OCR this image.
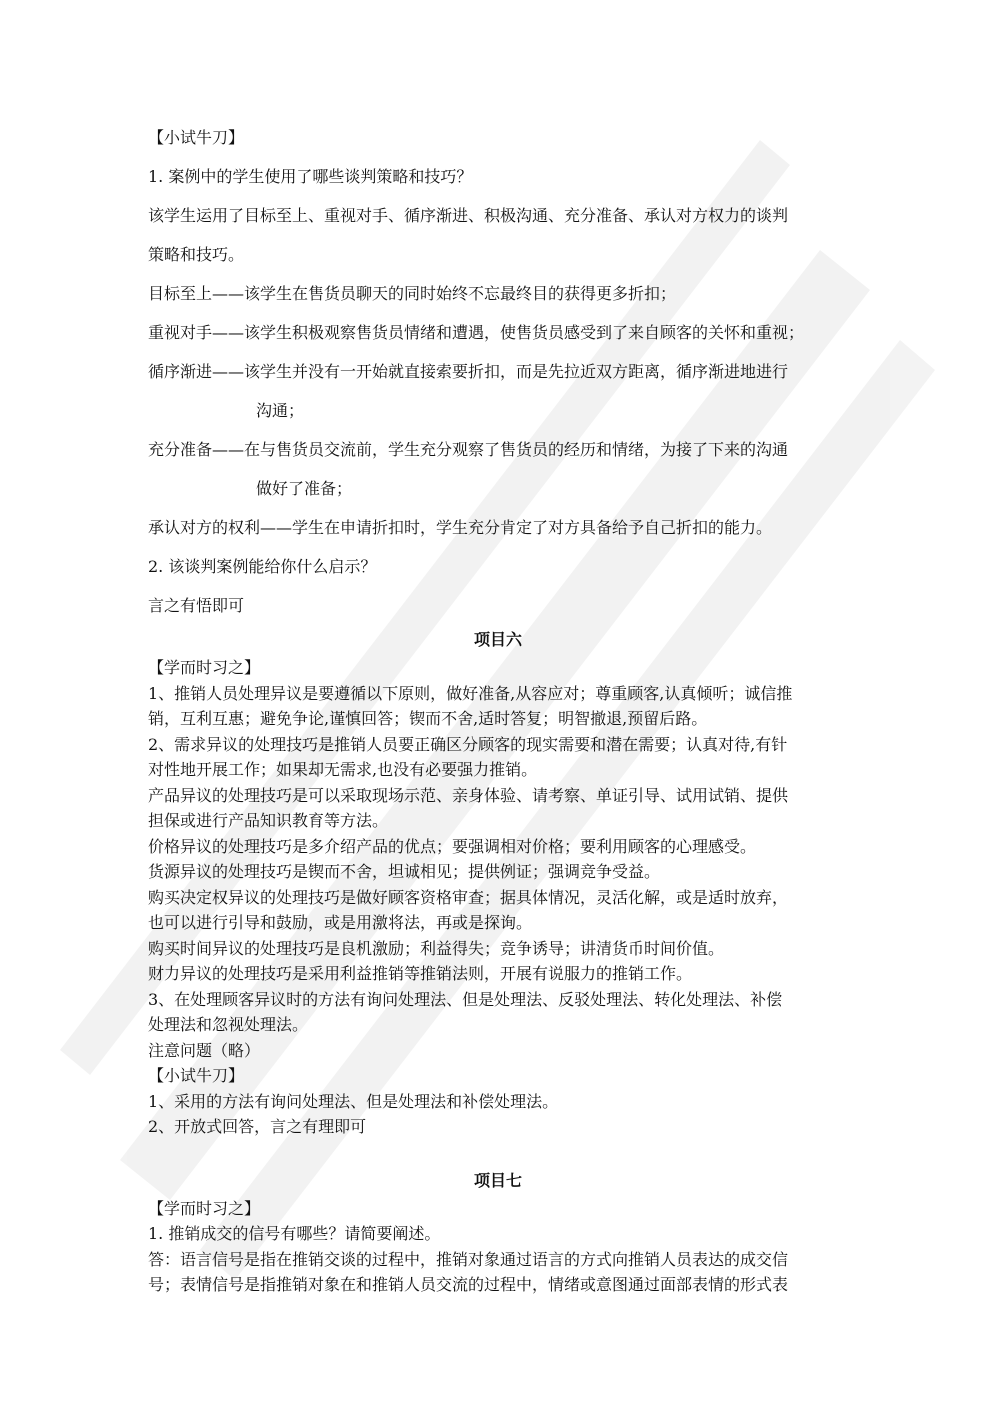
【小试牛刀】

1. 案例中的学生使用了哪些谈判策略和技巧？

该学生运用了目标至上、重视对手、循序渐进、积极沟通、充分准备、承认对方权力的谈判

策略和技巧。

目标至上——该学生在售货员聊天的同时始终不忘最终目的获得更多折扣；

重视对手——该学生积极观察售货员情绪和遭遇，使售货员感受到了来自顾客的关怀和重视；

循序渐进——该学生并没有一开始就直接索要折扣，而是先拉近双方距离，循序渐进地进行

沟通；

充分准备——在与售货员交流前，学生充分观察了售货员的经历和情绪，为接了下来的沟通

做好了准备；

承认对方的权利——学生在申请折扣时，学生充分肯定了对方具备给予自己折扣的能力。

2. 该谈判案例能给你什么启示？

言之有悟即可

项目六

【学而时习之】

1、推销人员处理异议是要遵循以下原则，做好准备,从容应对；尊重顾客,认真倾听；诚信推

销，互利互惠；避免争论,谨慎回答；锲而不舍,适时答复；明智撤退,预留后路。

2、需求异议的处理技巧是推销人员要正确区分顾客的现实需要和潜在需要；认真对待,有针

对性地开展工作；如果却无需求,也没有必要强力推销。

产品异议的处理技巧是可以采取现场示范、亲身体验、请考察、单证引导、试用试销、提供

担保或进行产品知识教育等方法。

价格异议的处理技巧是多介绍产品的优点；要强调相对价格；要利用顾客的心理感受。

货源异议的处理技巧是锲而不舍，坦诚相见；提供例证；强调竞争受益。

购买决定权异议的处理技巧是做好顾客资格审查；据具体情况，灵活化解，或是适时放弃，

也可以进行引导和鼓励，或是用激将法，再或是探询。

购买时间异议的处理技巧是良机激励；利益得失；竞争诱导；讲清货币时间价值。

财力异议的处理技巧是采用利益推销等推销法则，开展有说服力的推销工作。

3、在处理顾客异议时的方法有询问处理法、但是处理法、反驳处理法、转化处理法、补偿

处理法和忽视处理法。

注意问题（略）

【小试牛刀】

1、采用的方法有询问处理法、但是处理法和补偿处理法。

2、开放式回答，言之有理即可

项目七

【学而时习之】

1. 推销成交的信号有哪些？请简要阐述。

答：语言信号是指在推销交谈的过程中，推销对象通过语言的方式向推销人员表达的成交信

号；表情信号是指推销对象在和推销人员交流的过程中，情绪或意图通过面部表情的形式表
